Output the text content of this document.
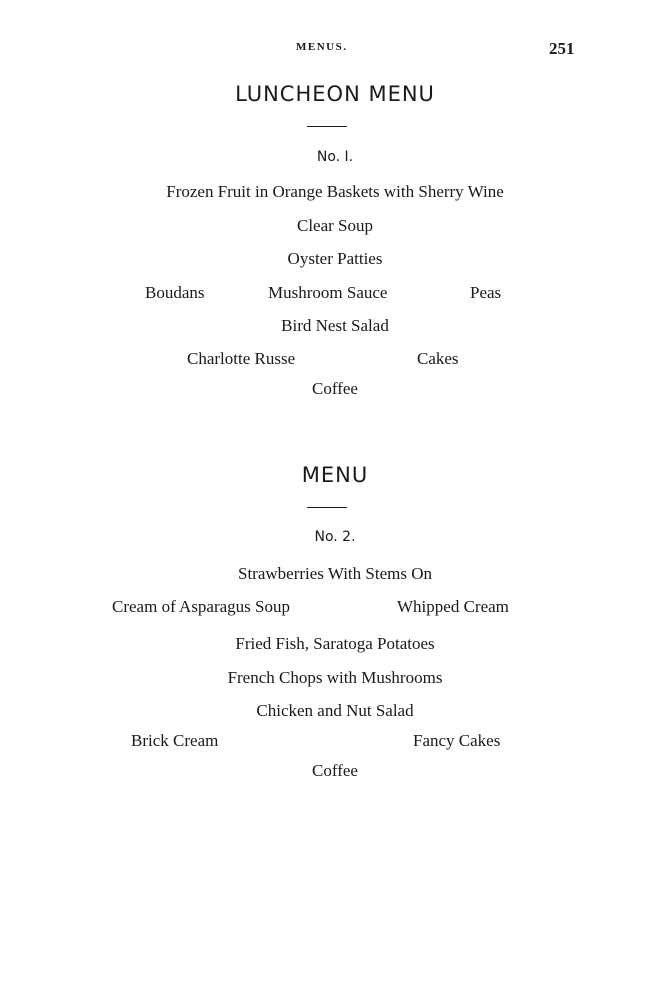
MENUS.	251
LUNCHEON MENU
No. I.
Frozen Fruit in Orange Baskets with Sherry Wine
Clear Soup
Oyster Patties
Boudans	Mushroom Sauce	Peas
Bird Nest Salad
Charlotte Russe	Cakes
Coffee
MENU
No. 2.
Strawberries With Stems On
Cream of Asparagus Soup	Whipped Cream
Fried Fish, Saratoga Potatoes
French Chops with Mushrooms
Chicken and Nut Salad
Brick Cream	Fancy Cakes
Coffee
